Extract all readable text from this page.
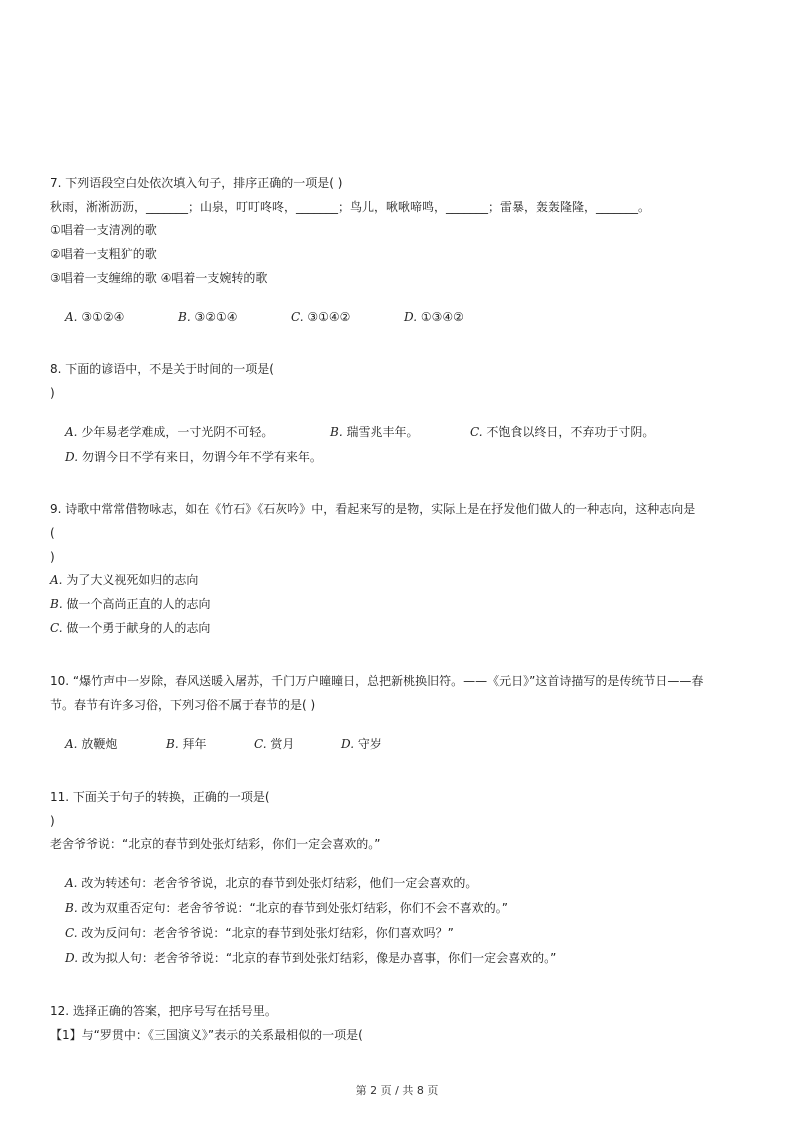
7. 下列语段空白处依次填入句子，排序正确的一项是( )
秋雨，淅淅沥沥，_______；山泉，叮叮咚咚，_______；鸟儿，啾啾啼鸣，_______；雷暴，轰轰隆隆，_______。
①唱着一支清冽的歌
②唱着一支粗犷的歌
③唱着一支缠绵的歌 ④唱着一支婉转的歌
A. ③①②④	B. ③②①④	C. ③①④②	D. ①③④②
8. 下面的谚语中，不是关于时间的一项是(
)
A. 少年易老学难成，一寸光阴不可轻。	B. 瑞雪兆丰年。	C. 不饱食以终日，不弃功于寸阴。
D. 勿谓今日不学有来日，勿谓今年不学有来年。
9. 诗歌中常常借物咏志，如在《竹石》《石灰吟》中，看起来写的是物，实际上是在抒发他们做人的一种志向，这种志向是
(
)
A. 为了大义视死如归的志向
B. 做一个高尚正直的人的志向
C. 做一个勇于献身的人的志向
10. “爆竹声中一岁除，春风送暖入屠苏，千门万户曈曈日，总把新桃换旧符。——《元日》”这首诗描写的是传统节日——春
节。春节有许多习俗，下列习俗不属于春节的是( )
A. 放鞭炮	B. 拜年	C. 赏月	D. 守岁
11. 下面关于句子的转换，正确的一项是(
)
老舍爷爷说：“北京的春节到处张灯结彩，你们一定会喜欢的。”
A. 改为转述句：老舍爷爷说，北京的春节到处张灯结彩，他们一定会喜欢的。
B. 改为双重否定句：老舍爷爷说：“北京的春节到处张灯结彩，你们不会不喜欢的。”
C. 改为反问句：老舍爷爷说：“北京的春节到处张灯结彩，你们喜欢吗？”
D. 改为拟人句：老舍爷爷说：“北京的春节到处张灯结彩，像是办喜事，你们一定会喜欢的。”
12. 选择正确的答案，把序号写在括号里。
【1】与“罗贯中：《三国演义》”表示的关系最相似的一项是(
第 2 页 / 共 8 页
